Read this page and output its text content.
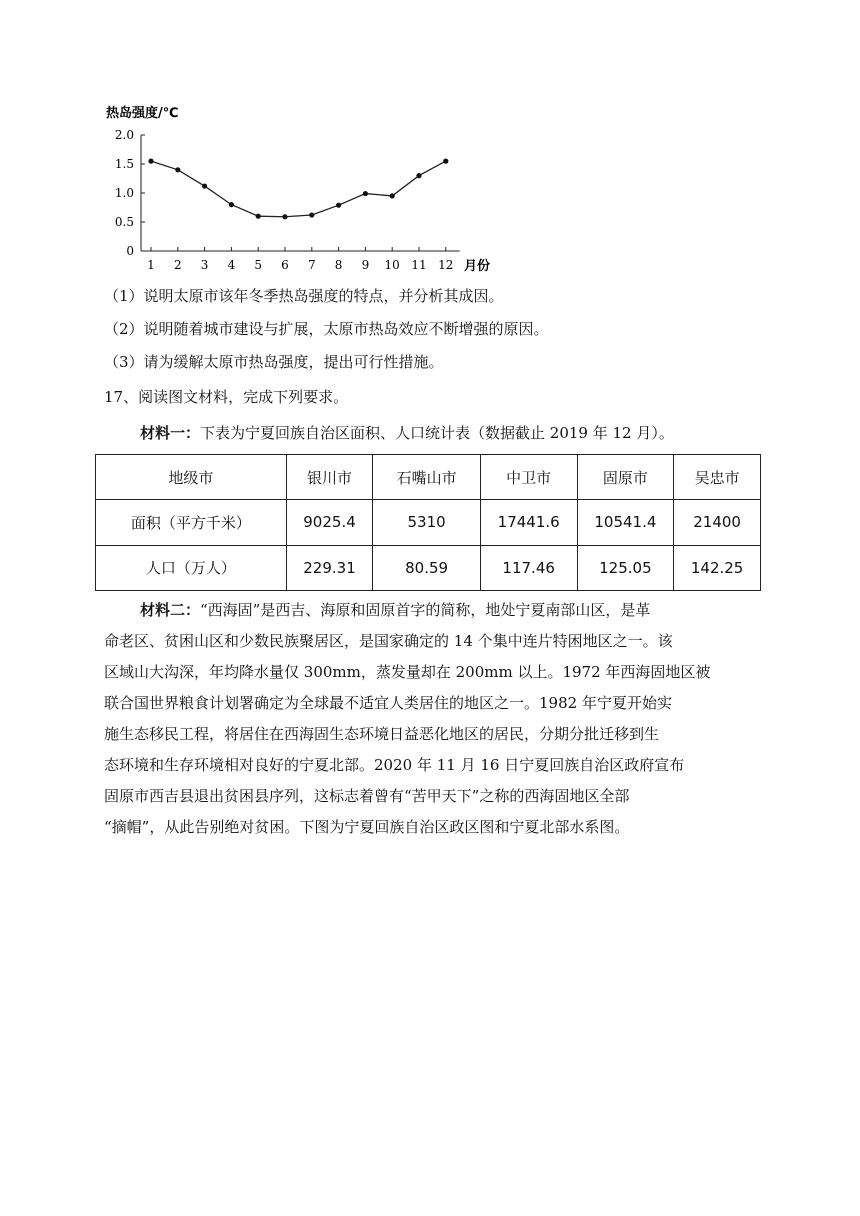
热岛强度/℃
0
0.5
1.0
1.5
2.0
1 2 3 4 5 6 7 8 9 10 11 12 月份
（1）说明太原市该年冬季热岛强度的特点，并分析其成因。
（2）说明随着城市建设与扩展，太原市热岛效应不断增强的原因。
（3）请为缓解太原市热岛强度，提出可行性措施。
17、阅读图文材料，完成下列要求。
材料一：下表为宁夏回族自治区面积、人口统计表（数据截止 2019 年 12 月）。
地级市	银川市	石嘴山市	中卫市	固原市	吴忠市
面积（平方千米）	9025.4	5310	17441.6	10541.4	21400
人口（万人）	229.31	80.59	117.46	125.05	142.25
材料二：“西海固”是西吉、海原和固原首字的简称，地处宁夏南部山区，是革
命老区、贫困山区和少数民族聚居区，是国家确定的 14 个集中连片特困地区之一。该
区域山大沟深，年均降水量仅 300mm，蒸发量却在 200mm 以上。1972 年西海固地区被
联合国世界粮食计划署确定为全球最不适宜人类居住的地区之一。1982 年宁夏开始实
施生态移民工程，将居住在西海固生态环境日益恶化地区的居民，分期分批迁移到生
态环境和生存环境相对良好的宁夏北部。2020 年 11 月 16 日宁夏回族自治区政府宣布
固原市西吉县退出贫困县序列，这标志着曾有“苦甲天下”之称的西海固地区全部
“摘帽”，从此告别绝对贫困。下图为宁夏回族自治区政区图和宁夏北部水系图。
